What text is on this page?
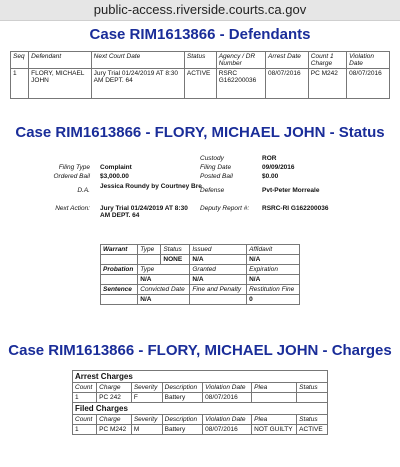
public-access.riverside.courts.ca.gov
Case RIM1613866 - Defendants
Seq	Defendant	Next Court Date	Status	Agency / DR Number	Arrest Date	Count 1 Charge	Violation Date
1	FLORY, MICHAEL JOHN	Jury Trial 01/24/2019 AT 8:30 AM DEPT. 64	ACTIVE	RSRC G162200036	08/07/2016	PC M242	08/07/2016
Case RIM1613866 - FLORY, MICHAEL JOHN - Status
Filing Type Complaint
Ordered Bail $3,000.00
D.A.
Jessica Roundy by Courtney Bre
Next Action: Jury Trial 01/24/2019 AT 8:30 AM DEPT. 64
Custody	ROR
Filing Date	09/09/2016
Posted Bail	$0.00
Defense	Pvt-Peter Morreale
Deputy Report #:	RSRC-RI G162200036
Warrant	Type	Status	Issued	Affidavit
		NONE	N/A	N/A
Probation	Type		Granted	Expiration
	N/A		N/A	N/A
Sentence	Convicted Date		Fine and Penalty	Restitution Fine
	N/A			0
Case RIM1613866 - FLORY, MICHAEL JOHN - Charges
Arrest Charges						
Count	Charge	Severity	Description	Violation Date	Plea	Status
1	PC 242	F	Battery	08/07/2016		
Filed Charges						
Count	Charge	Severity	Description	Violation Date	Plea	Status
1	PC M242	M	Battery	08/07/2016	NOT GUILTY	ACTIVE
